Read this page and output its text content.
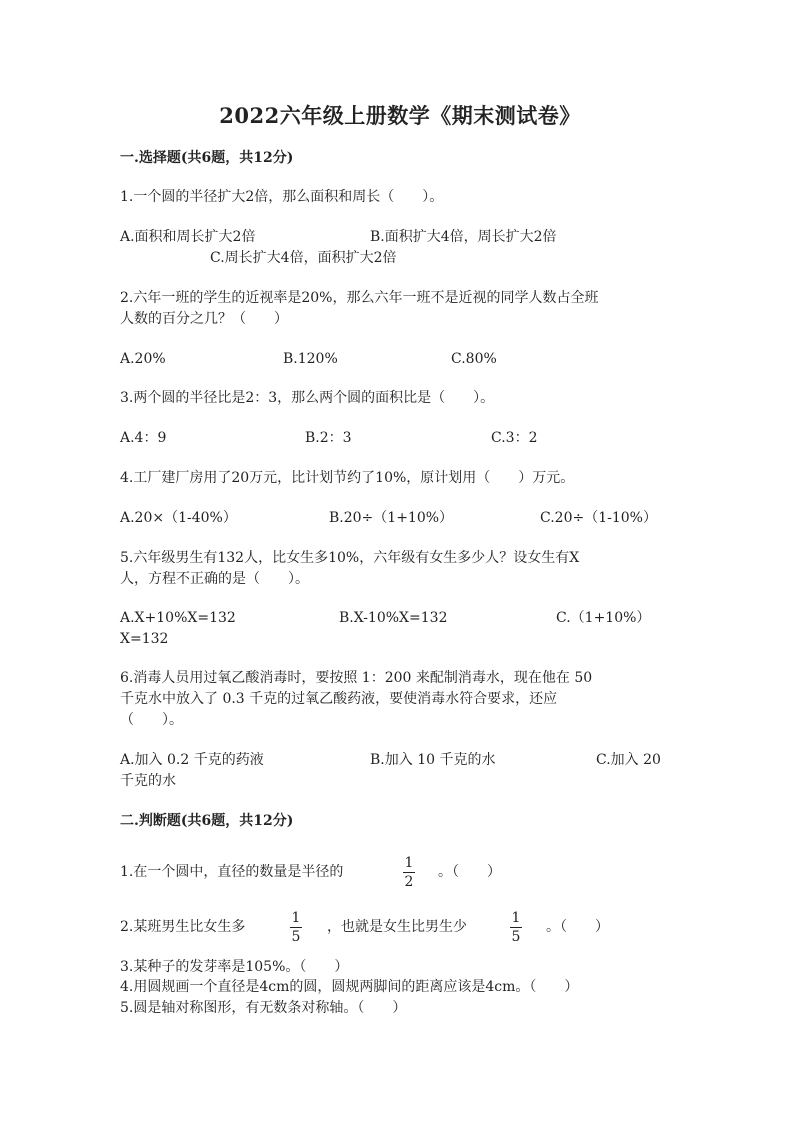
2022六年级上册数学《期末测试卷》
一.选择题(共6题，共12分)
1.一个圆的半径扩大2倍，那么面积和周长（　　）。
A.面积和周长扩大2倍	B.面积扩大4倍，周长扩大2倍
C.周长扩大4倍，面积扩大2倍
2.六年一班的学生的近视率是20%，那么六年一班不是近视的同学人数占全班
人数的百分之几？（　　）
A.20%	B.120%	C.80%
3.两个圆的半径比是2：3，那么两个圆的面积比是（　　）。
A.4：9	B.2：3	C.3：2
4.工厂建厂房用了20万元，比计划节约了10%，原计划用（　　）万元。
A.20×（1-40%）	B.20÷（1+10%）	C.20÷（1-10%）
5.六年级男生有132人，比女生多10%，六年级有女生多少人？设女生有X
人，方程不正确的是（　　）。
A.X+10%X=132	B.X-10%X=132	C.（1+10%）
X=132
6.消毒人员用过氧乙酸消毒时，要按照 1：200 来配制消毒水，现在他在 50
千克水中放入了 0.3 千克的过氧乙酸药液，要使消毒水符合要求，还应
（　　）。
A.加入 0.2 千克的药液	B.加入 10 千克的水	C.加入 20
千克的水
二.判断题(共6题，共12分)
1.在一个圆中，直径的数量是半径的
1
2
。（　　）
2.某班男生比女生多
1
5
，也就是女生比男生少
1
5
。（　　）
3.某种子的发芽率是105%。（　　）
4.用圆规画一个直径是4cm的圆，圆规两脚间的距离应该是4cm。（　　）
5.圆是轴对称图形，有无数条对称轴。（　　）
